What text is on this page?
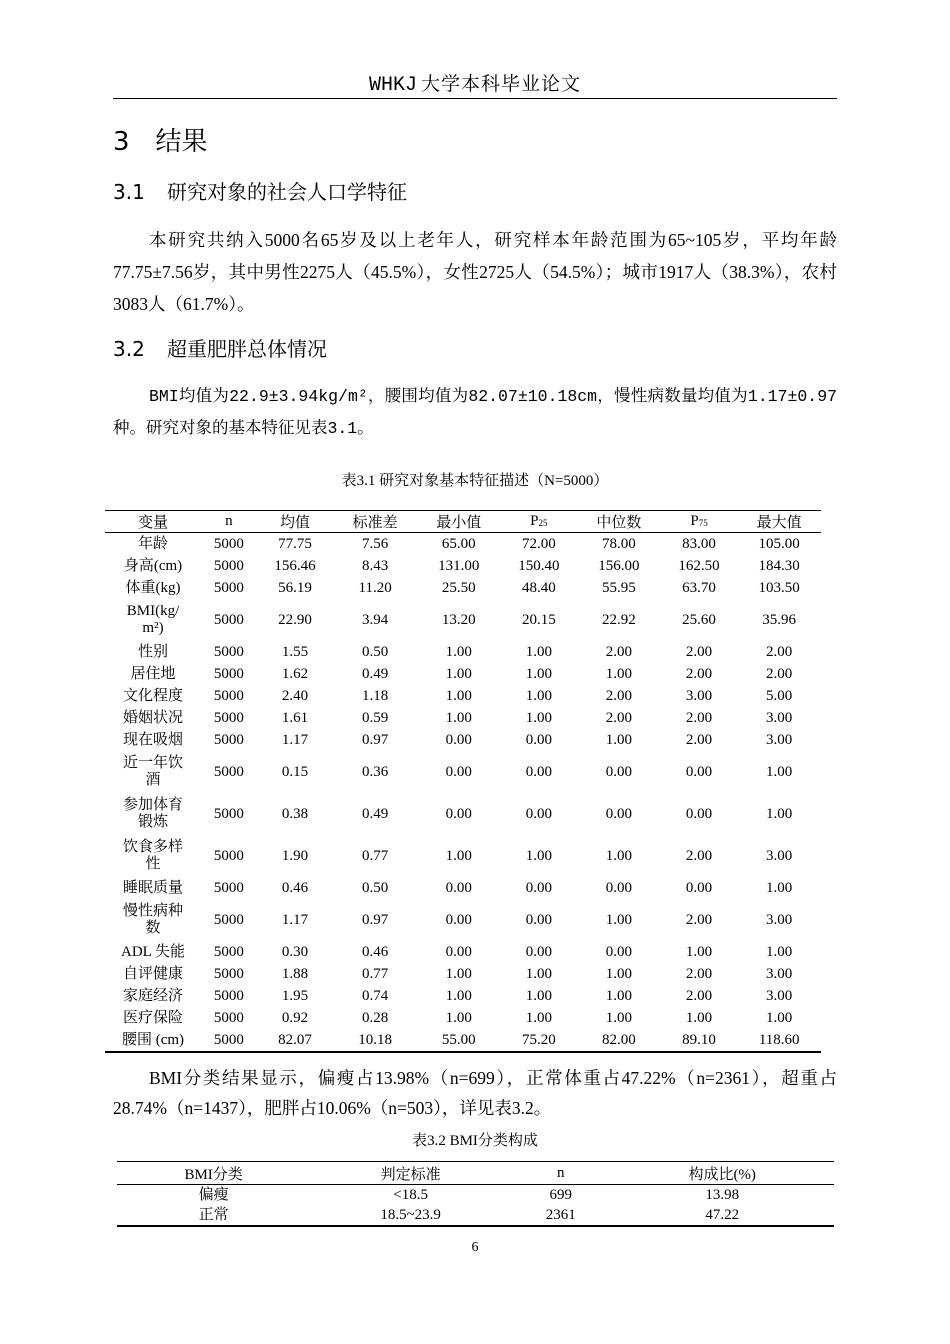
WHKJ 大学本科毕业论文
3 结果
3.1 研究对象的社会人口学特征
本研究共纳入5000名65岁及以上老年人，研究样本年龄范围为65~105岁，平均年龄77.75±7.56岁，其中男性2275人（45.5%），女性2725人（54.5%）；城市1917人（38.3%），农村3083人（61.7%）。
3.2 超重肥胖总体情况
BMI均值为22.9±3.94kg/m²，腰围均值为82.07±10.18cm，慢性病数量均值为1.17±0.97种。研究对象的基本特征见表3.1。
表3.1 研究对象基本特征描述（N=5000）
变量	n	均值	标准差	最小值	$P_{25}$	中位数	$P_{75}$	最大值
年龄	5000	77.75	7.56	65.00	72.00	78.00	83.00	105.00
身高(cm)	5000	156.46	8.43	131.00	150.40	156.00	162.50	184.30
体重(kg)	5000	56.19	11.20	25.50	48.40	55.95	63.70	103.50
BMI(kg/
m²)	5000	22.90	3.94	13.20	20.15	22.92	25.60	35.96
性别	5000	1.55	0.50	1.00	1.00	2.00	2.00	2.00
居住地	5000	1.62	0.49	1.00	1.00	1.00	2.00	2.00
文化程度	5000	2.40	1.18	1.00	1.00	2.00	3.00	5.00
婚姻状况	5000	1.61	0.59	1.00	1.00	2.00	2.00	3.00
现在吸烟	5000	1.17	0.97	0.00	0.00	1.00	2.00	3.00
近一年饮
酒	5000	0.15	0.36	0.00	0.00	0.00	0.00	1.00
参加体育
锻炼	5000	0.38	0.49	0.00	0.00	0.00	0.00	1.00
饮食多样
性	5000	1.90	0.77	1.00	1.00	1.00	2.00	3.00
睡眠质量	5000	0.46	0.50	0.00	0.00	0.00	0.00	1.00
慢性病种
数	5000	1.17	0.97	0.00	0.00	1.00	2.00	3.00
ADL 失能	5000	0.30	0.46	0.00	0.00	0.00	1.00	1.00
自评健康	5000	1.88	0.77	1.00	1.00	1.00	2.00	3.00
家庭经济	5000	1.95	0.74	1.00	1.00	1.00	2.00	3.00
医疗保险	5000	0.92	0.28	1.00	1.00	1.00	1.00	1.00
腰围 (cm)	5000	82.07	10.18	55.00	75.20	82.00	89.10	118.60
BMI分类结果显示，偏瘦占13.98%（n=699），正常体重占47.22%（n=2361），超重占28.74%（n=1437），肥胖占10.06%（n=503），详见表3.2。
表3.2 BMI分类构成
BMI分类	判定标准	n	构成比(%)
偏瘦	<18.5	699	13.98
正常	18.5~23.9	2361	47.22
6
